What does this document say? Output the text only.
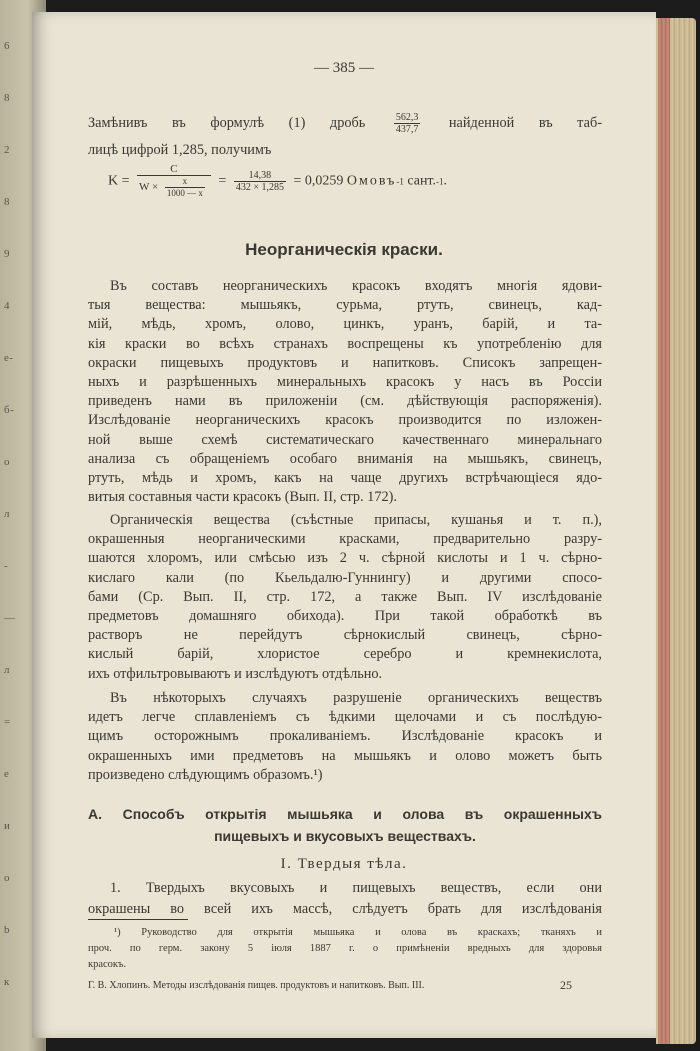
6
8
2
8
9
4
e-
б-
o
л
-
—
л
=
е
и
о
b
к
— 385 —
Замѣнивъ въ формулѣ (1) дробь	$\frac{562,3}{437,7}$ найденной въ таб-
лицѣ цифрой 1,285, получимъ
$K = \frac{C}{W \times \frac{x}{1000 — x}} = \frac{14,38}{432 \times 1,285} = 0,0259$ Омовъ-1 сант.-1.
Неорганическія краски.
Въ составъ неорганическихъ красокъ входятъ многія ядови-
тыя вещества: мышьякъ, сурьма, ртуть, свинецъ, кад-
мій, мѣдь, хромъ, олово, цинкъ, уранъ, барій, и та-
кія краски во всѣхъ странахъ воспрещены къ употребленію для
окраски пищевыхъ продуктовъ и напитковъ. Списокъ запрещен-
ныхъ и разрѣшенныхъ минеральныхъ красокъ у насъ въ Россіи
приведенъ нами въ приложеніи (см. дѣйствующія распоряженія).
Изслѣдованіе неорганическихъ красокъ производится по изложен-
ной выше схемѣ систематическаго качественнаго минеральнаго
анализа съ обращеніемъ особаго вниманія на мышьякъ, свинецъ,
ртуть, мѣдь и хромъ, какъ на чаще другихъ встрѣчающіеся ядо-
витыя составныя части красокъ (Вып. II, стр. 172).
Органическія вещества (съѣстные припасы, кушанья и т. п.),
окрашенныя неорганическими красками, предварительно разру-
шаются хлоромъ, или смѣсью изъ 2 ч. сѣрной кислоты и 1 ч. сѣрно-
кислаго кали (по Кьельдалю-Гуннингу) и другими спосо-
бами (Ср. Вып. II, стр. 172, а также Вып. IV изслѣдованіе
предметовъ домашняго обихода). При такой обработкѣ въ
растворъ не перейдутъ сѣрнокислый свинецъ, сѣрно-
кислый барій, хлористое серебро и кремнекислота,
ихъ отфильтровываютъ и изслѣдуютъ отдѣльно.
Въ нѣкоторыхъ случаяхъ разрушеніе органическихъ веществъ
идетъ легче сплавленіемъ съ ѣдкими щелочами и съ послѣдую-
щимъ осторожнымъ прокаливаніемъ. Изслѣдованіе красокъ и
окрашенныхъ ими предметовъ на мышьякъ и олово можетъ быть
произведено слѣдующимъ образомъ.¹)
А. Способъ открытія мышьяка и олова въ окрашенныхъ
пищевыхъ и вкусовыхъ веществахъ.
I. Твердыя тѣла.
1. Твердыхъ вкусовыхъ и пищевыхъ веществъ, если они
окрашены во всей ихъ массѣ, слѣдуетъ брать для изслѣдованія
¹) Руководство для открытія мышьяка и олова въ краскахъ; тканяхъ и
проч. по герм. закону 5 іюля 1887 г. о примѣненіи вредныхъ для здоровья
красокъ.
Г. В. Хлопинъ. Методы изслѣдованія пищев. продуктовъ и напитковъ. Вып. III.	25
